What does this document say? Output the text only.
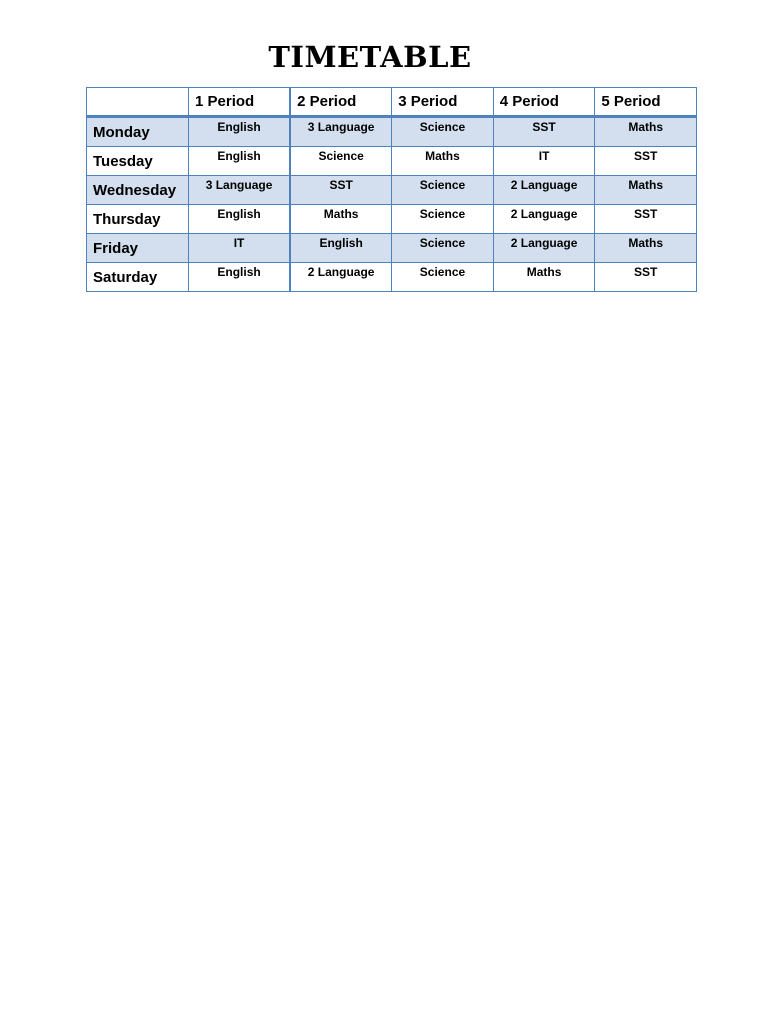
TIMETABLE
	1 Period	2 Period	3 Period	4 Period	5 Period
Monday	English	3 Language	Science	SST	Maths
Tuesday	English	Science	Maths	IT	SST
Wednesday	3 Language	SST	Science	2 Language	Maths
Thursday	English	Maths	Science	2 Language	SST
Friday	IT	English	Science	2 Language	Maths
Saturday	English	2 Language	Science	Maths	SST
